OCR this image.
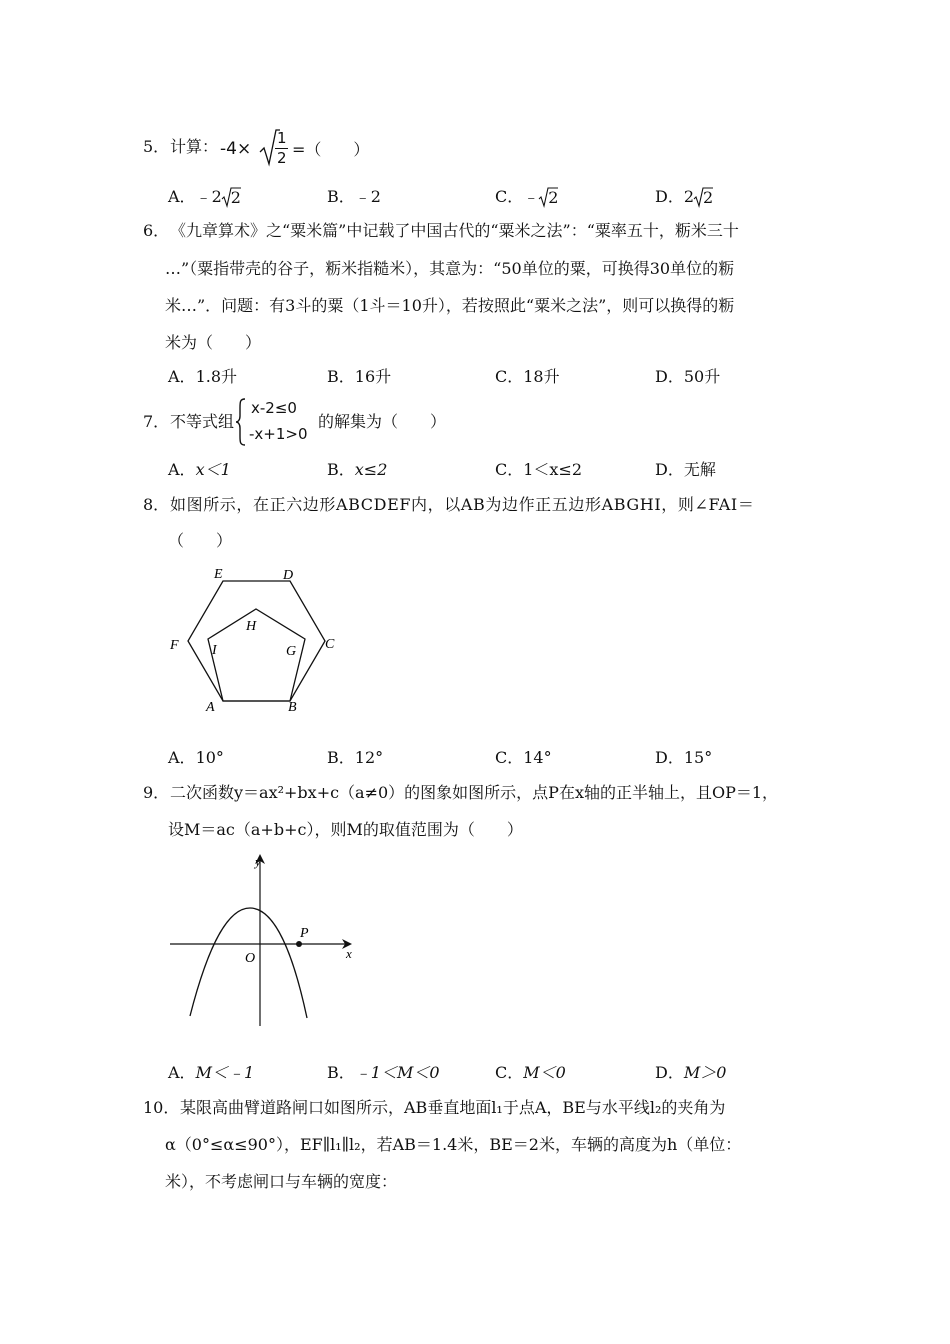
5． 计算： -4×
1
2 =（　　）
A．﹣2 2	B．﹣2	C．﹣ 2	D．2 2
6． 《九章算术》之“粟米篇”中记载了中国古代的“粟米之法”：“粟率五十，粝米三十
…”（粟指带壳的谷子，粝米指糙米），其意为：“50单位的粟，可换得30单位的粝
米…”．问题：有3斗的粟（1斗＝10升），若按照此“粟米之法”，则可以换得的粝
米为（　　）
A．1.8升	B．16升	C．18升	D．50升
7． 不等式组
x-2≤0
-x+1>0
的解集为（　　）
A．x＜1	B．x≤2	C．1＜x≤2	D．无解
8． 如图所示，在正六边形ABCDEF内，以AB为边作正五边形ABGHI，则∠FAI＝
（　　）
E	D
H
F I	G C
A	B
A．10°	B．12°	C．14°	D．15°
9． 二次函数y＝ax²+bx+c（a≠0）的图象如图所示，点P在x轴的正半轴上，且OP＝1，
设M＝ac（a+b+c），则M的取值范围为（　　）
y
P
O	x
A．M＜﹣1	B．﹣1＜M＜0	C．M＜0	D．M＞0
10． 某限高曲臂道路闸口如图所示，AB垂直地面l₁于点A，BE与水平线l₂的夹角为
α（0°≤α≤90°），EF∥l₁∥l₂，若AB＝1.4米，BE＝2米，车辆的高度为h（单位：
米），不考虑闸口与车辆的宽度：
